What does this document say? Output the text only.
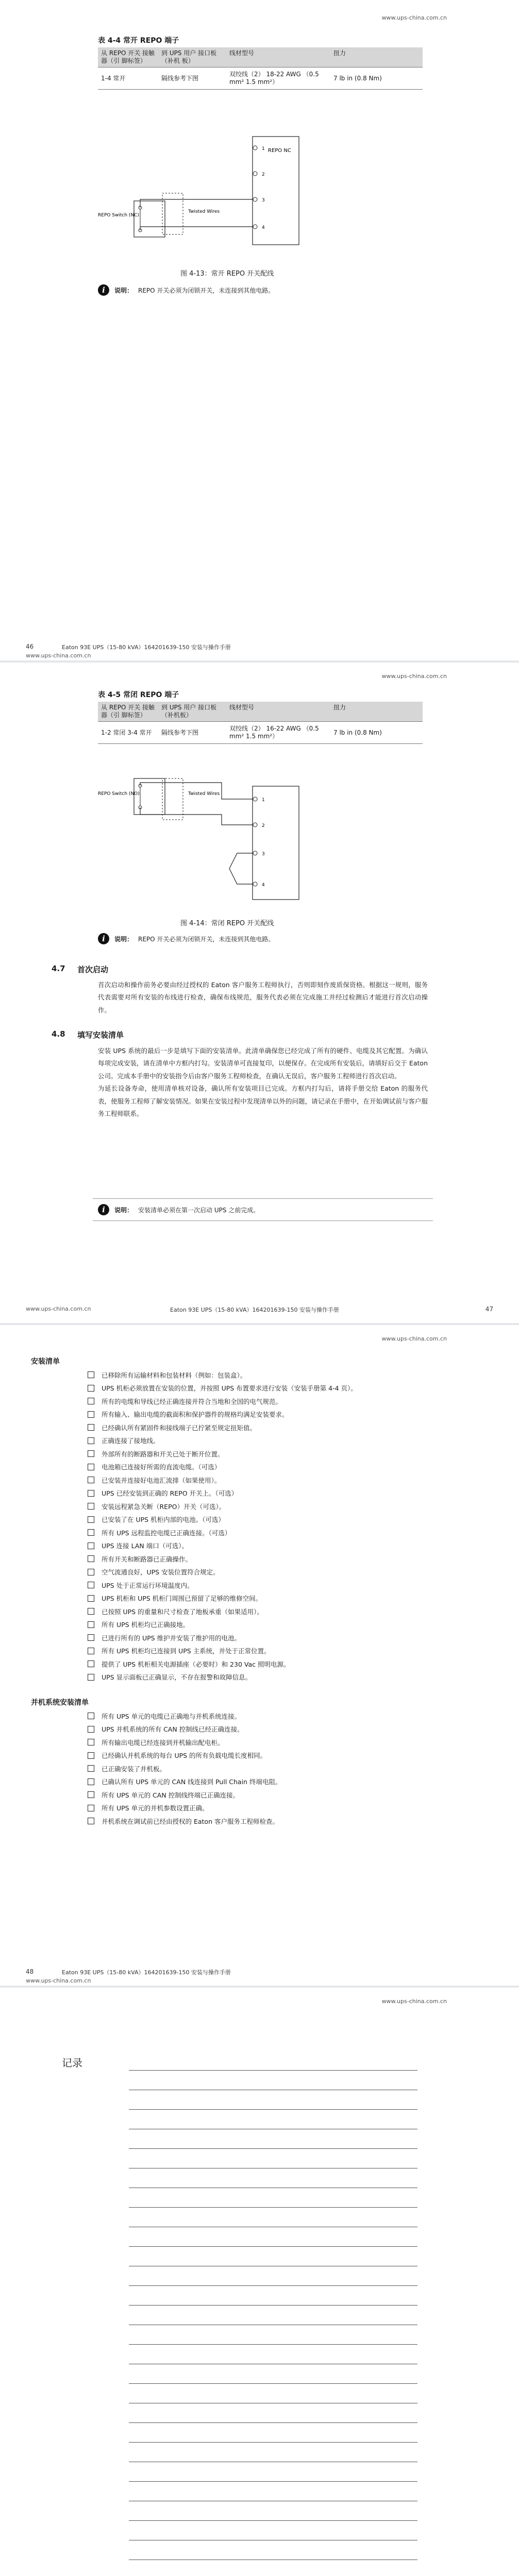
www.ups-china.com.cn
表 4-4 常开 REPO 端子
从 REPO 开关 接触器（引 脚标签）	到 UPS 用户 接口板（补机 板）	线材型号	扭力
1-4 常开	隔线参考下图	双绞线（2） 18-22 AWG （0.5 mm² 1.5 mm²）	7 lb in (0.8 Nm)
REPO NC
1
2
3
4
REPO Switch (NC)
Twisted Wires
图 4-13：常开 REPO 开关配线
i	说明： REPO 开关必须为闭锁开关，未连接到其他电路。
46	Eaton 93E UPS（15-80 kVA）164201639-150 安装与操作手册
www.ups-china.com.cn
www.ups-china.com.cn
表 4-5 常闭 REPO 端子
从 REPO 开关 接触器（引 脚标签）	到 UPS 用户 接口板（补机板）	线材型号	扭力
1-2 常闭 3-4 常开	隔线参考下图	双绞线（2） 16-22 AWG （0.5 mm² 1.5 mm²）	7 lb in (0.8 Nm)
1
2
3
4
REPO Switch (NO)	Twisted Wires
图 4-14：常闭 REPO 开关配线
i	说明： REPO 开关必须为闭锁开关，未连接到其他电路。
4.7 首次启动
首次启动和操作前务必要由经过授权的 Eaton 客户服务工程师执行，否则即刻作废质保资格。根据这一规则，服务代表需要对所有安装的布线进行检查，确保布线规范，服务代表必须在完成施工并经过检测后才能进行首次启动操作。
4.8 填写安装清单
安装 UPS 系统的最后一步是填写下面的安装清单。此清单确保您已经完成了所有的硬件、电缆及其它配置。为确认每项完成安装，请在清单中方框内打勾。安装清单可直接复印，以便保存。在完成所有安装后，请填好后交于 Eaton 公司。完成本手册中的安装指令后由客户服务工程师检查，在确认无误后，客户服务工程师进行首次启动。
为延长设备寿命，使用清单核对设备，确认所有安装项目已完成。方框内打勾后，请将手册交给 Eaton 的服务代表，使服务工程师了解安装情况。如果在安装过程中发现清单以外的问题，请记录在手册中，在开始调试前与客户服务工程师联系。
i	说明： 安装清单必须在第一次启动 UPS 之前完成。
www.ups-china.com.cn	Eaton 93E UPS（15-80 kVA）164201639-150 安装与操作手册	47
www.ups-china.com.cn
安装清单
已移除所有运输材料和包装材料（例如：包装盒）。
UPS 机柜必须放置在安装的位置，并按照 UPS 布置要求进行安装（安装手册第 4-4 页）。
所有的电缆和导线已经正确连接并符合当地和全国的电气规范。
所有输入、输出电缆的截面积和保护器件的规格均满足安装要求。
已经确认所有紧固件和接线端子已拧紧至规定扭矩值。
正确连接了接地线。
外部所有的断路器和开关已处于断开位置。
电池箱已连接好所需的直流电缆。（可选）
已安装并连接好电池汇流排（如果使用）。
UPS 已经安装到正确的 REPO 开关上。（可选）
安装远程紧急关断（REPO）开关（可选）。
已安装了在 UPS 机柜内部的电池。（可选）
所有 UPS 远程监控电缆已正确连接。（可选）
UPS 连接 LAN 端口（可选）。
所有开关和断路器已正确操作。
空气流通良好，UPS 安装位置符合规定。
UPS 处于正常运行环境温度内。
UPS 机柜和 UPS 机柜门周围已预留了足够的维修空间。
已按照 UPS 的重量和尺寸检查了地板承重（如果适用）。
所有 UPS 机柜均已正确接地。
已进行所有的 UPS 维护并安装了维护用的电池。
所有 UPS 机柜均已连接到 UPS 主系统，并处于正常位置。
提供了 UPS 机柜相关电源插座（必要时）和 230 Vac 照明电源。
UPS 显示面板已正确显示，不存在报警和故障信息。
并机系统安装清单
所有 UPS 单元的电缆已正确地与并机系统连接。
UPS 并机系统的所有 CAN 控制线已经正确连接。
所有输出电缆已经连接到并机输出配电柜。
已经确认并机系统的每台 UPS 的所有负载电缆长度相同。
已正确安装了并机板。
已确认所有 UPS 单元的 CAN 线连接到 Pull Chain 终端电阻。
所有 UPS 单元的 CAN 控制线终端已正确连接。
所有 UPS 单元的并机参数设置正确。
并机系统在调试前已经由授权的 Eaton 客户服务工程师检查。
48	Eaton 93E UPS（15-80 kVA）164201639-150 安装与操作手册
www.ups-china.com.cn
www.ups-china.com.cn
记录
